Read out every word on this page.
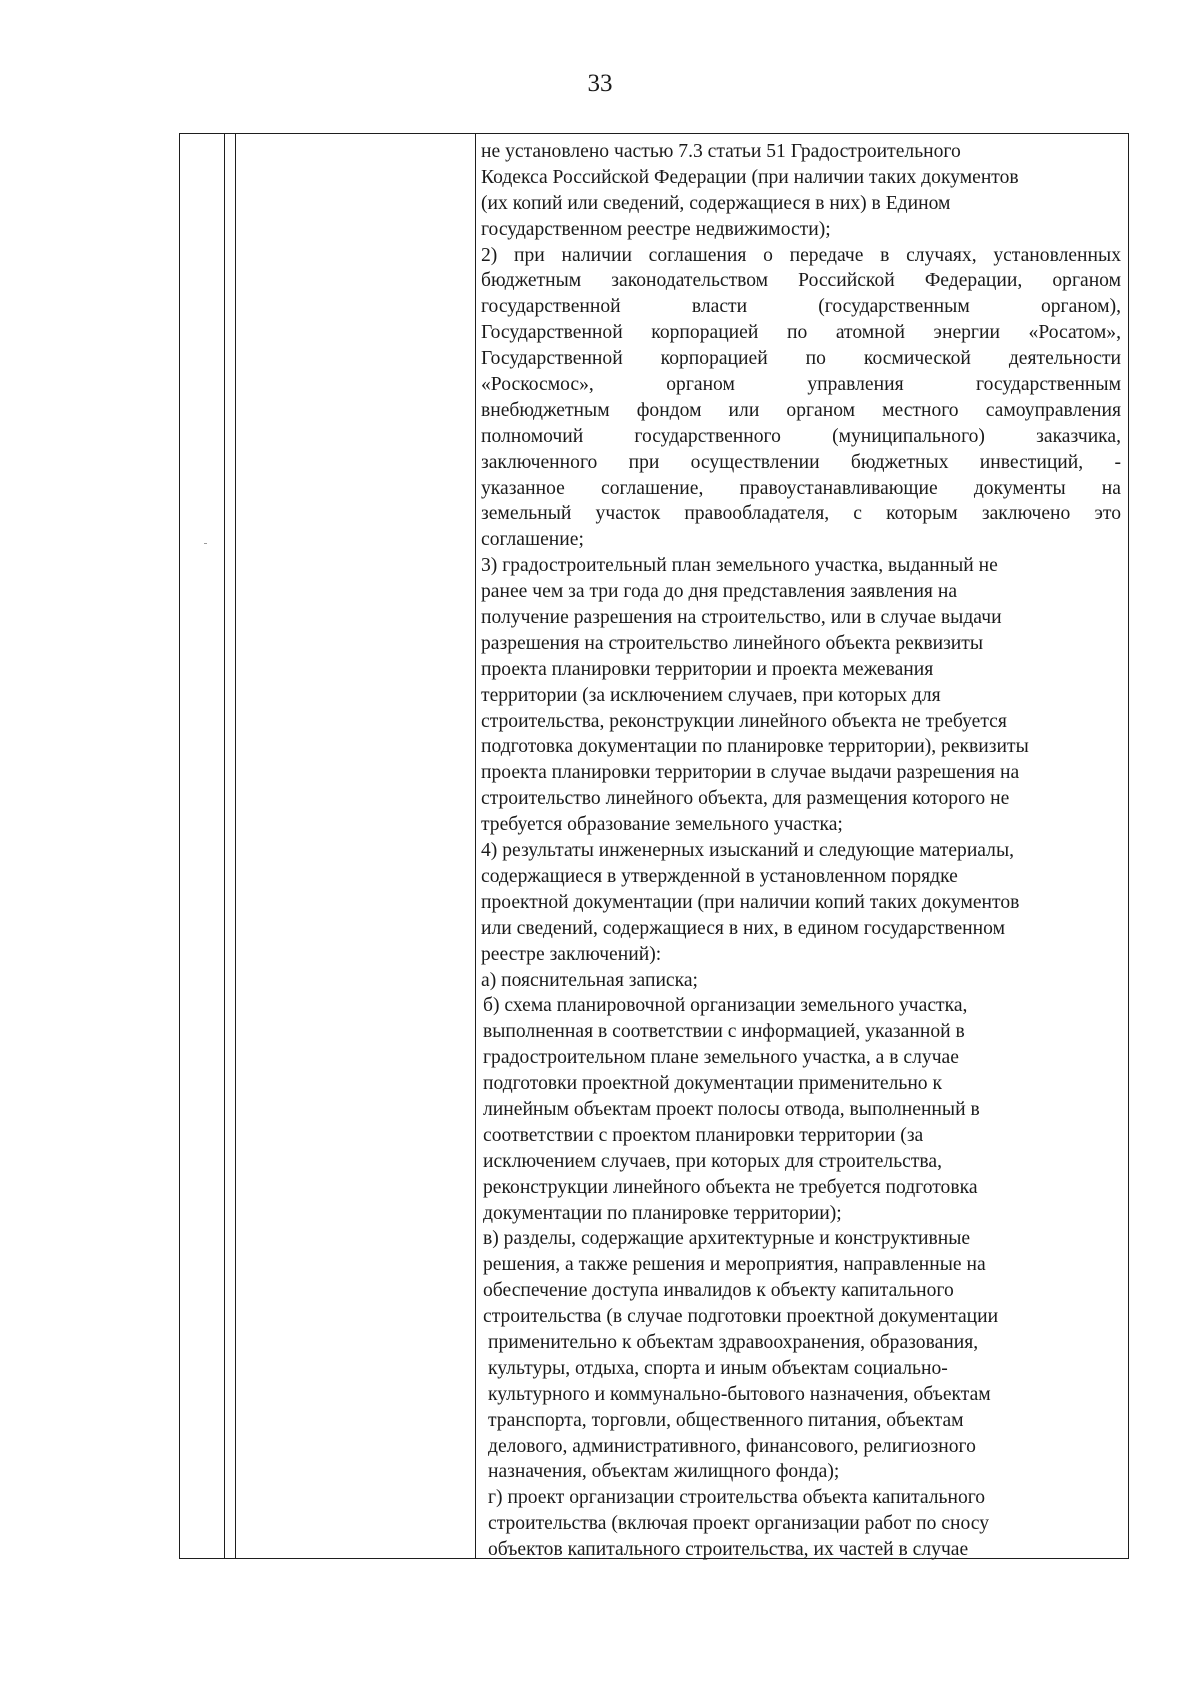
33
не установлено частью 7.3 статьи 51 Градостроительного
Кодекса Российской Федерации (при наличии таких документов
(их копий или сведений, содержащиеся в них) в Едином
государственном реестре недвижимости);
2) при наличии соглашения о передаче в случаях, установленных
бюджетным законодательством Российской Федерации, органом
государственной власти (государственным органом),
Государственной корпорацией по атомной энергии «Росатом»,
Государственной корпорацией по космической деятельности
«Роскосмос», органом управления государственным
внебюджетным фондом или органом местного самоуправления
полномочий государственного (муниципального) заказчика,
заключенного при осуществлении бюджетных инвестиций, -
указанное соглашение, правоустанавливающие документы на
земельный участок правообладателя, с которым заключено это
соглашение;
3) градостроительный план земельного участка, выданный не
ранее чем за три года до дня представления заявления на
получение разрешения на строительство, или в случае выдачи
разрешения на строительство линейного объекта реквизиты
проекта планировки территории и проекта межевания
территории (за исключением случаев, при которых для
строительства, реконструкции линейного объекта не требуется
подготовка документации по планировке территории), реквизиты
проекта планировки территории в случае выдачи разрешения на
строительство линейного объекта, для размещения которого не
требуется образование земельного участка;
4) результаты инженерных изысканий и следующие материалы,
содержащиеся в утвержденной в установленном порядке
проектной документации (при наличии копий таких документов
или сведений, содержащиеся в них, в едином государственном
реестре заключений):
а) пояснительная записка;
б) схема планировочной организации земельного участка,
выполненная в соответствии с информацией, указанной в
градостроительном плане земельного участка, а в случае
подготовки проектной документации применительно к
линейным объектам проект полосы отвода, выполненный в
соответствии с проектом планировки территории (за
исключением случаев, при которых для строительства,
реконструкции линейного объекта не требуется подготовка
документации по планировке территории);
в) разделы, содержащие архитектурные и конструктивные
решения, а также решения и мероприятия, направленные на
обеспечение доступа инвалидов к объекту капитального
строительства (в случае подготовки проектной документации
применительно к объектам здравоохранения, образования,
культуры, отдыха, спорта и иным объектам социально-
культурного и коммунально-бытового назначения, объектам
транспорта, торговли, общественного питания, объектам
делового, административного, финансового, религиозного
назначения, объектам жилищного фонда);
г) проект организации строительства объекта капитального
строительства (включая проект организации работ по сносу
объектов капитального строительства, их частей в случае
